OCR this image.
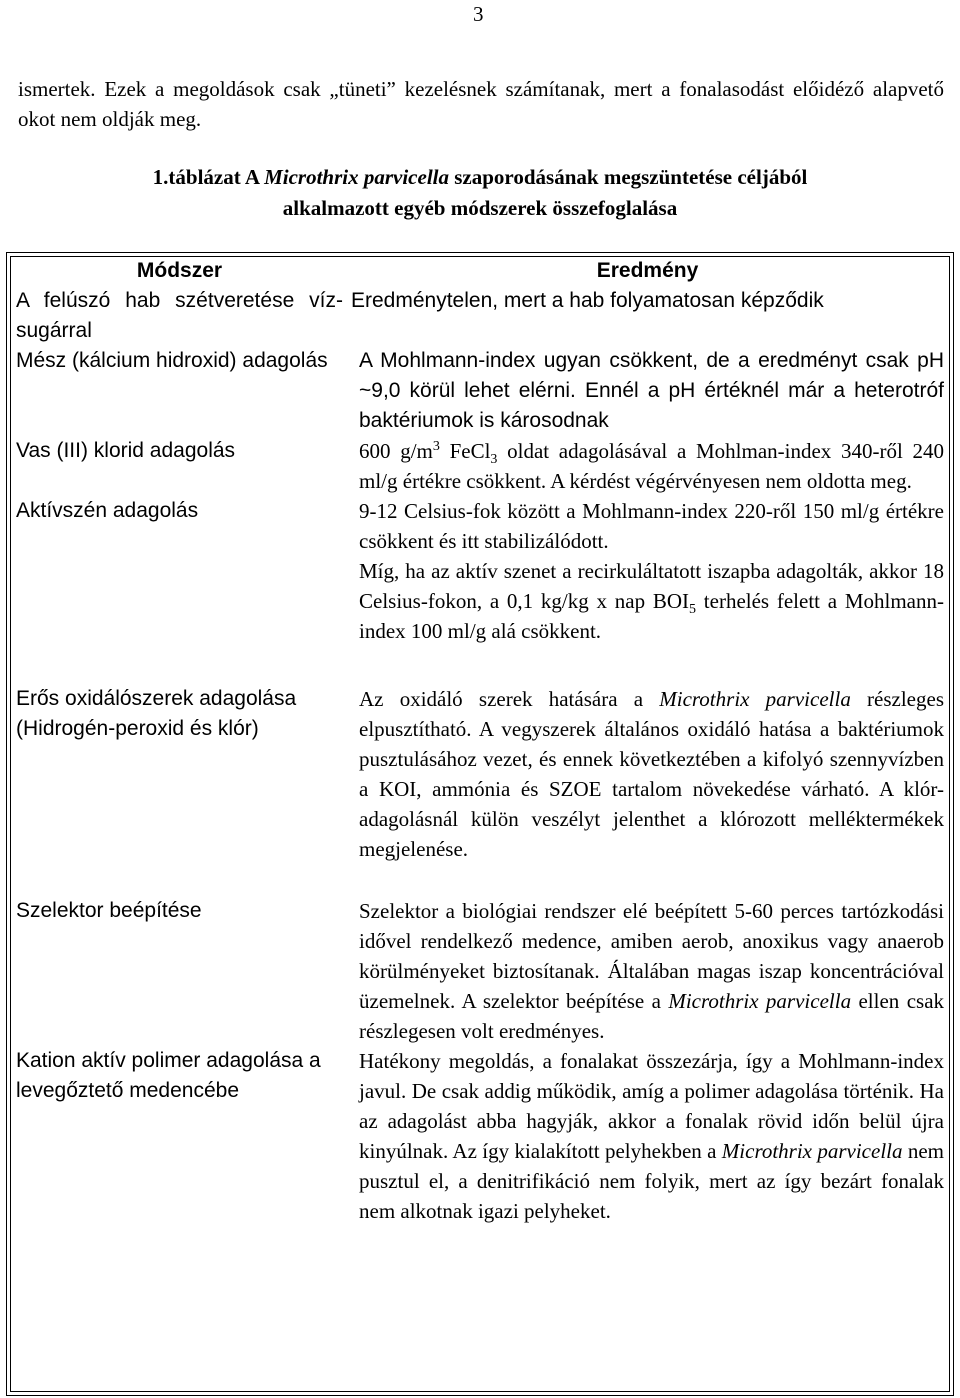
3
ismertek. Ezek a megoldások csak „tüneti” kezelésnek számítanak, mert a fonalasodást előidéző alapvető okot nem oldják meg.
1.táblázat A Microthrix parvicella szaporodásának megszüntetése céljából
alkalmazott egyéb módszerek összefoglalása
Módszer	Eredmény
A felúszó hab szétveretése víz-sugárral	Eredménytelen, mert a hab folyamatosan képződik
Mész (kálcium hidroxid) adagolás	A Mohlmann-index ugyan csökkent, de a eredményt csak pH ~9,0 körül lehet elérni. Ennél a pH értéknél már a heterotróf baktériumok is károsodnak

Vas (III) klorid adagolás	600 $g/m^3$ FeCl$_3$ oldat adagolásával a Mohlman-index 340-ről 240 ml/g értékre csökkent. A kérdést végérvényesen nem oldotta meg.

Aktívszén adagolás	9-12 Celsius-fok között a Mohlmann-index 220-ről 150 ml/g értékre csökkent és itt stabilizálódott.
Míg, ha az aktív szenet a recirkuláltatott iszapba adagolták, akkor 18 Celsius-fokon, a 0,1 kg/kg x nap $BOI_5$ terhelés felett a Mohlmann-index 100 ml/g alá csökkent.

Erős oxidálószerek adagolása (Hidrogén-peroxid és klór)	Az oxidáló szerek hatására a Microthrix parvicella részleges elpusztítható. A vegyszerek általános oxidáló hatása a baktériumok pusztulásához vezet, és ennek következtében a kifolyó szennyvízben a KOI, ammónia és SZOE tartalom növekedése várható. A klór-adagolásnál külön veszélyt jelenthet a klórozott melléktermékek megjelenése.

Szelektor beépítése	Szelektor a biológiai rendszer elé beépített 5-60 perces tartózkodási idővel rendelkező medence, amiben aerob, anoxikus vagy anaerob körülményeket biztosítanak. Általában magas iszap koncentrációval üzemelnek. A szelektor beépítése a Microthrix parvicella ellen csak részlegesen volt eredményes.

Kation aktív polimer adagolása a levegőztető medencébe	Hatékony megoldás, a fonalakat összezárja, így a Mohlmann-index javul. De csak addig működik, amíg a polimer adagolása történik. Ha az adagolást abba hagyják, akkor a fonalak rövid időn belül újra kinyúlnak. Az így kialakított pelyhekben a Microthrix parvicella nem pusztul el, a denitrifikáció nem folyik, mert az így bezárt fonalak nem alkotnak igazi pelyheket.
